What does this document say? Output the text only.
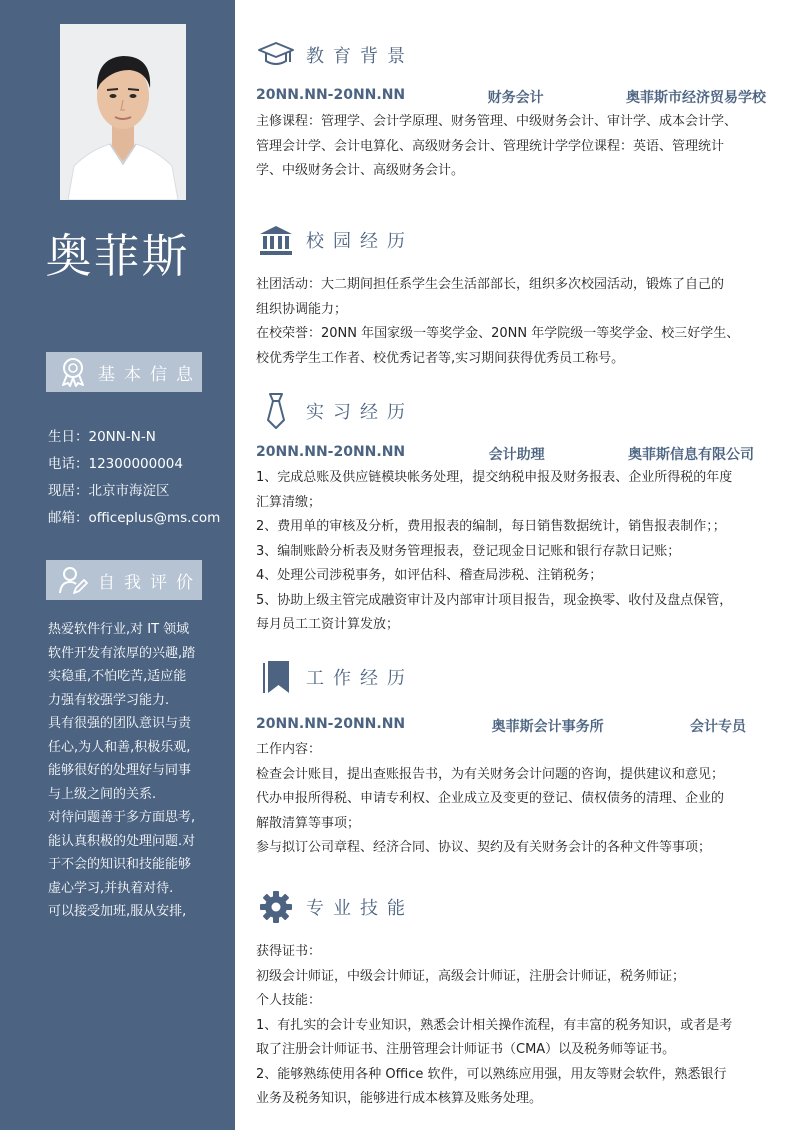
奥菲斯
基本信息
生日：20NN-N-N
电话：12300000004
现居：北京市海淀区
邮箱：officeplus@ms.com
自我评价

热爱软件行业,对 IT 领域

软件开发有浓厚的兴趣,踏

实稳重,不怕吃苦,适应能

力强有较强学习能力.

具有很强的团队意识与责

任心,为人和善,积极乐观,

能够很好的处理好与同事

与上级之间的关系.

对待问题善于多方面思考,

能认真积极的处理问题.对

于不会的知识和技能能够

虚心学习,并执着对待.

可以接受加班,服从安排,

教育背景
20NN.NN-20NN.NN	财务会计	奥菲斯市经济贸易学校

主修课程：管理学、会计学原理、财务管理、中级财务会计、审计学、成本会计学、

管理会计学、会计电算化、高级财务会计、管理统计学学位课程：英语、管理统计

学、中级财务会计、高级财务会计。

校园经历

社团活动：大二期间担任系学生会生活部部长，组织多次校园活动，锻炼了自己的

组织协调能力；

在校荣誉：20NN 年国家级一等奖学金、20NN 年学院级一等奖学金、校三好学生、

校优秀学生工作者、校优秀记者等,实习期间获得优秀员工称号。

实习经历
20NN.NN-20NN.NN	会计助理	奥菲斯信息有限公司

1、完成总账及供应链模块帐务处理，提交纳税申报及财务报表、企业所得税的年度

汇算清缴；

2、费用单的审核及分析，费用报表的编制，每日销售数据统计，销售报表制作；；

3、编制账龄分析表及财务管理报表，登记现金日记账和银行存款日记账；

4、处理公司涉税事务，如评估科、稽查局涉税、注销税务；

5、协助上级主管完成融资审计及内部审计项目报告，现金换零、收付及盘点保管，

每月员工工资计算发放；

工作经历
20NN.NN-20NN.NN	奥菲斯会计事务所	会计专员

工作内容：

检查会计账目，提出查账报告书，为有关财务会计问题的咨询，提供建议和意见；

代办申报所得税、申请专利权、企业成立及变更的登记、债权债务的清理、企业的

解散清算等事项；

参与拟订公司章程、经济合同、协议、契约及有关财务会计的各种文件等事项；

专业技能

获得证书：

初级会计师证，中级会计师证，高级会计师证，注册会计师证，税务师证；

个人技能：

1、有扎实的会计专业知识，熟悉会计相关操作流程，有丰富的税务知识，或者是考

取了注册会计师证书、注册管理会计师证书（CMA）以及税务师等证书。

2、能够熟练使用各种 Office 软件，可以熟练应用强，用友等财会软件，熟悉银行

业务及税务知识，能够进行成本核算及账务处理。
